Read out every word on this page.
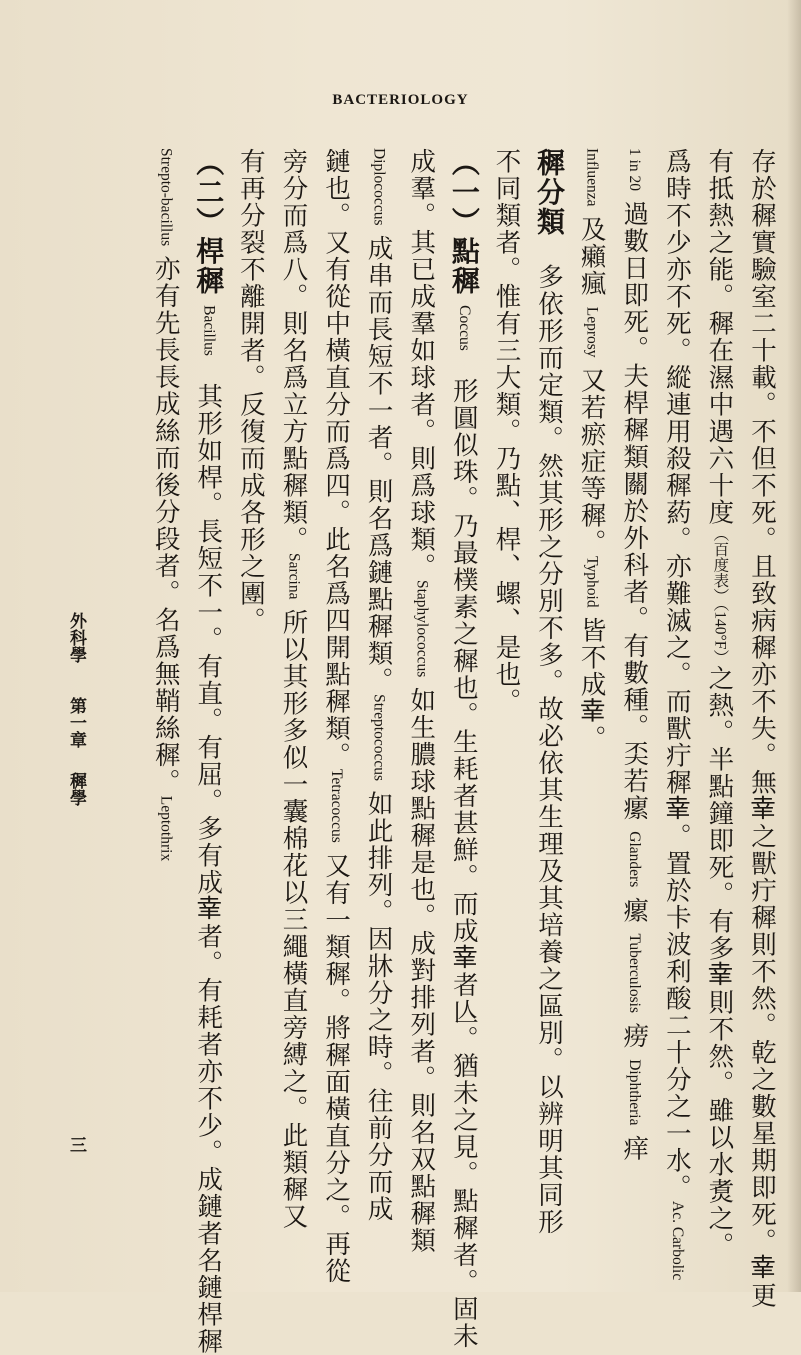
BACTERIOLOGY
存於穉實驗室二十載。不但不死。且致病穉亦不失。無𦍒之獸疔穉則不然。乾之數星期即死。𦍒更
有抵熱之能。穉在濕中遇六十度（百度表）（140°F）之熱。半點鐘即死。有多𦍒則不然。雖以水煑之。
爲時不少亦不死。縱連用殺穉葯。亦難滅之。而獸疔穉𦍒。置於卡波利酸二十分之一水。Ac. Carbolic
1 in 20 過數日即死。夫桿穉類關於外科者。有數種。奀若瘰 Glanders 瘰 Tuberculosis 痨 Diphtheria 痒
Influenza 及癩瘋 Leprosy 又若瘀症等穉。Typhoid 皆不成𦍒。
穉分類　多依形而定類。然其形之分別不多。故必依其生理及其培養之區別。以辨明其同形
不同類者。惟有三大類。乃點、桿、螺、是也。
（一）點穉 Coccus　形圓似珠。乃最樸素之穉也。生耗者甚鮮。而成𦍒者亾。猶未之見。點穉者。固未
成羣。其已成羣如球者。則爲球類。Staphylococcus 如生膿球點穉是也。成對排列者。則名双點穉類
Diplococcus 成串而長短不一者。則名爲鏈點穉類。Streptococcus 如此排列。因牀分之時。往前分而成
鏈也。又有從中橫直分而爲四。此名爲四開點穉類。Tetracoccus 又有一類穉。將穉面橫直分之。再從
旁分而爲八。則名爲立方點穉類。Sarcina 所以其形多似一囊棉花以三繩橫直旁縛之。此類穉又
有再分裂不離開者。反復而成各形之團。
（二）桿穉 Bacillus　其形如桿。長短不一。有直。有屈。多有成𦍒者。有耗者亦不少。成鏈者名鏈桿穉
Strepto-bacillus 亦有先長長成絲而後分段者。名爲無鞘絲穉。Leptothrix
外科學第一章穉學三
